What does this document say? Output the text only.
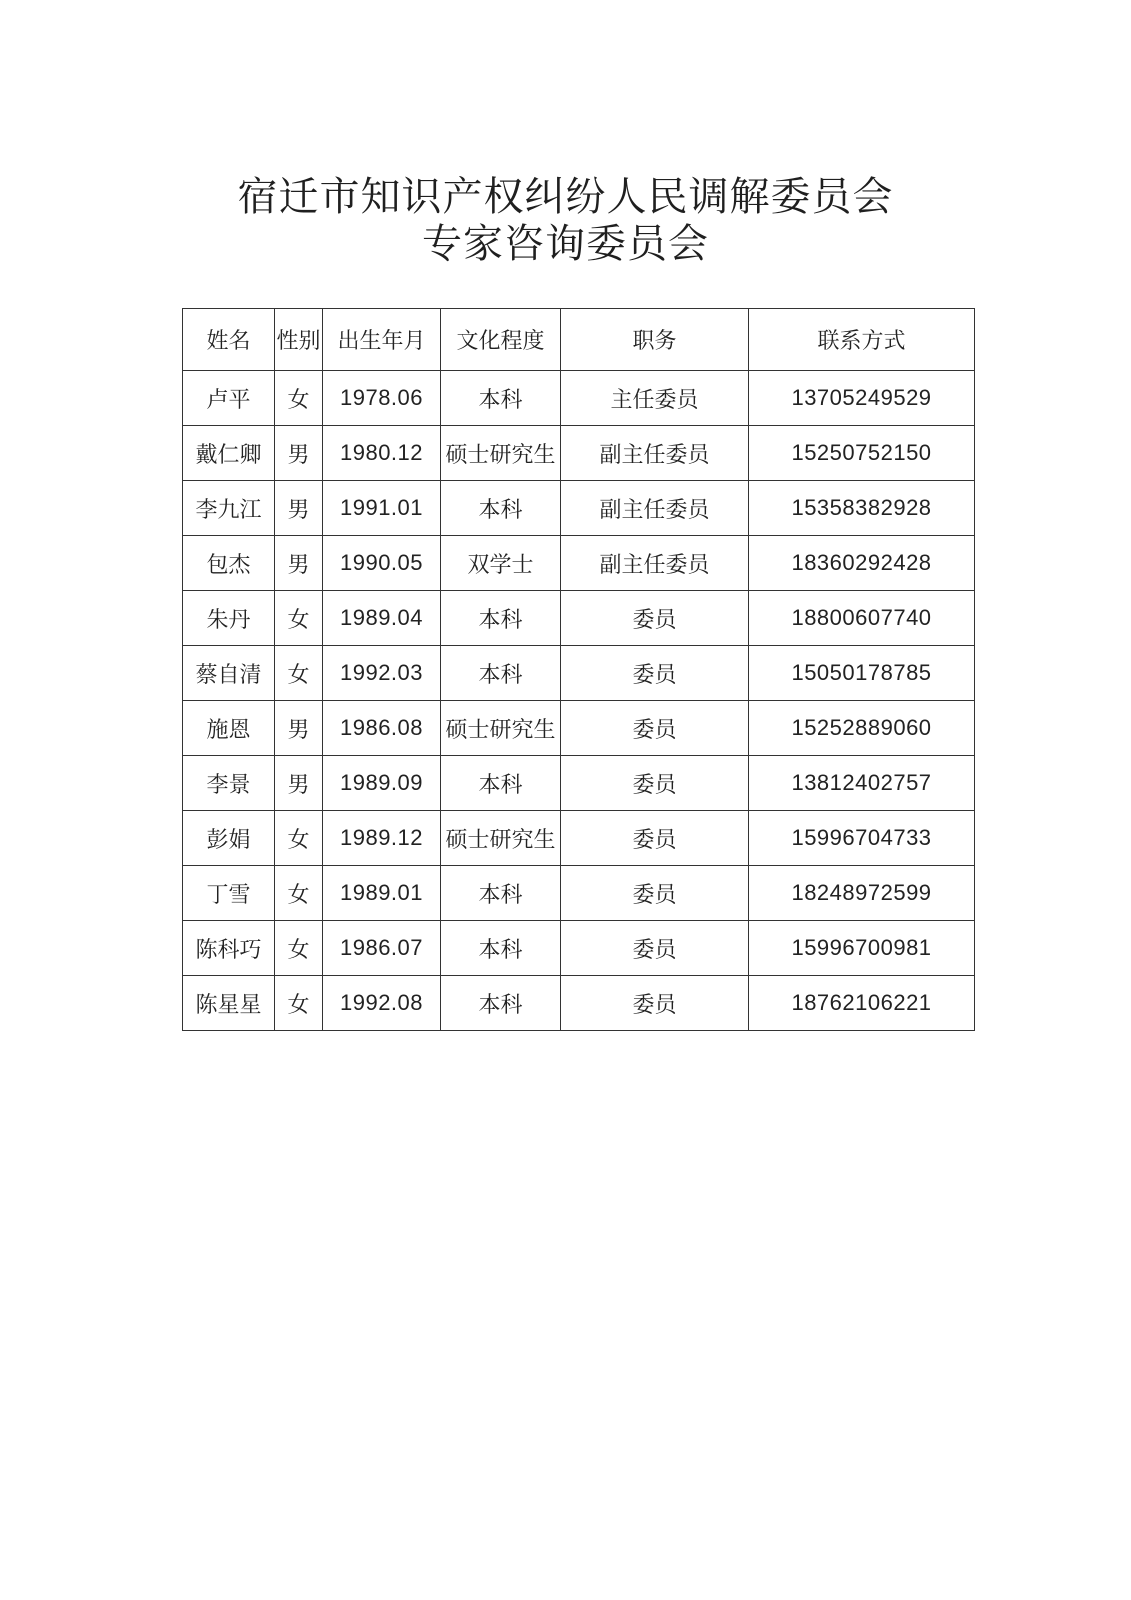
宿迁市知识产权纠纷人民调解委员会
专家咨询委员会
姓名	性别	出生年月	文化程度	职务	联系方式
卢平	女	1978.06	本科	主任委员	13705249529
戴仁卿	男	1980.12	硕士研究生	副主任委员	15250752150
李九江	男	1991.01	本科	副主任委员	15358382928
包杰	男	1990.05	双学士	副主任委员	18360292428
朱丹	女	1989.04	本科	委员	18800607740
蔡自清	女	1992.03	本科	委员	15050178785
施恩	男	1986.08	硕士研究生	委员	15252889060
李景	男	1989.09	本科	委员	13812402757
彭娟	女	1989.12	硕士研究生	委员	15996704733
丁雪	女	1989.01	本科	委员	18248972599
陈科巧	女	1986.07	本科	委员	15996700981
陈星星	女	1992.08	本科	委员	18762106221
